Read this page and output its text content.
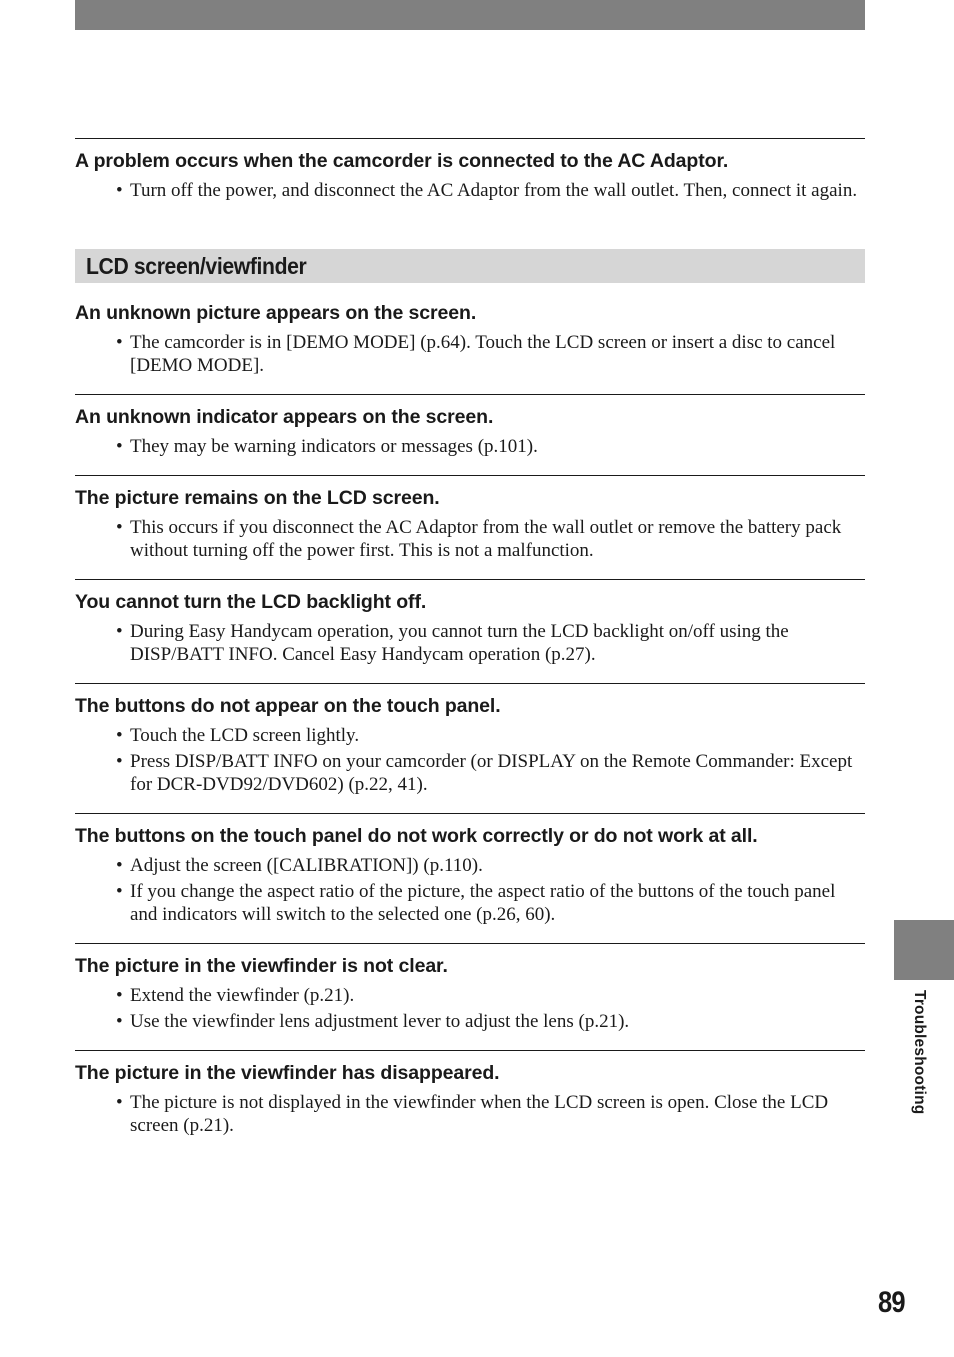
A problem occurs when the camcorder is connected to the AC Adaptor.
• Turn off the power, and disconnect the AC Adaptor from the wall outlet. Then, connect it again.
LCD screen/viewfinder
An unknown picture appears on the screen.
• The camcorder is in [DEMO MODE] (p.64). Touch the LCD screen or insert a disc to cancel [DEMO MODE].
An unknown indicator appears on the screen.
• They may be warning indicators or messages (p.101).
The picture remains on the LCD screen.
• This occurs if you disconnect the AC Adaptor from the wall outlet or remove the battery pack without turning off the power first. This is not a malfunction.
You cannot turn the LCD backlight off.
• During Easy Handycam operation, you cannot turn the LCD backlight on/off using the DISP/BATT INFO. Cancel Easy Handycam operation (p.27).
The buttons do not appear on the touch panel.
• Touch the LCD screen lightly.
• Press DISP/BATT INFO on your camcorder (or DISPLAY on the Remote Commander: Except for DCR-DVD92/DVD602) (p.22, 41).
The buttons on the touch panel do not work correctly or do not work at all.
• Adjust the screen ([CALIBRATION]) (p.110).
• If you change the aspect ratio of the picture, the aspect ratio of the buttons of the touch panel and indicators will switch to the selected one (p.26, 60).
The picture in the viewfinder is not clear.
• Extend the viewfinder (p.21).
• Use the viewfinder lens adjustment lever to adjust the lens (p.21).
The picture in the viewfinder has disappeared.
• The picture is not displayed in the viewfinder when the LCD screen is open. Close the LCD screen (p.21).
Troubleshooting
89
